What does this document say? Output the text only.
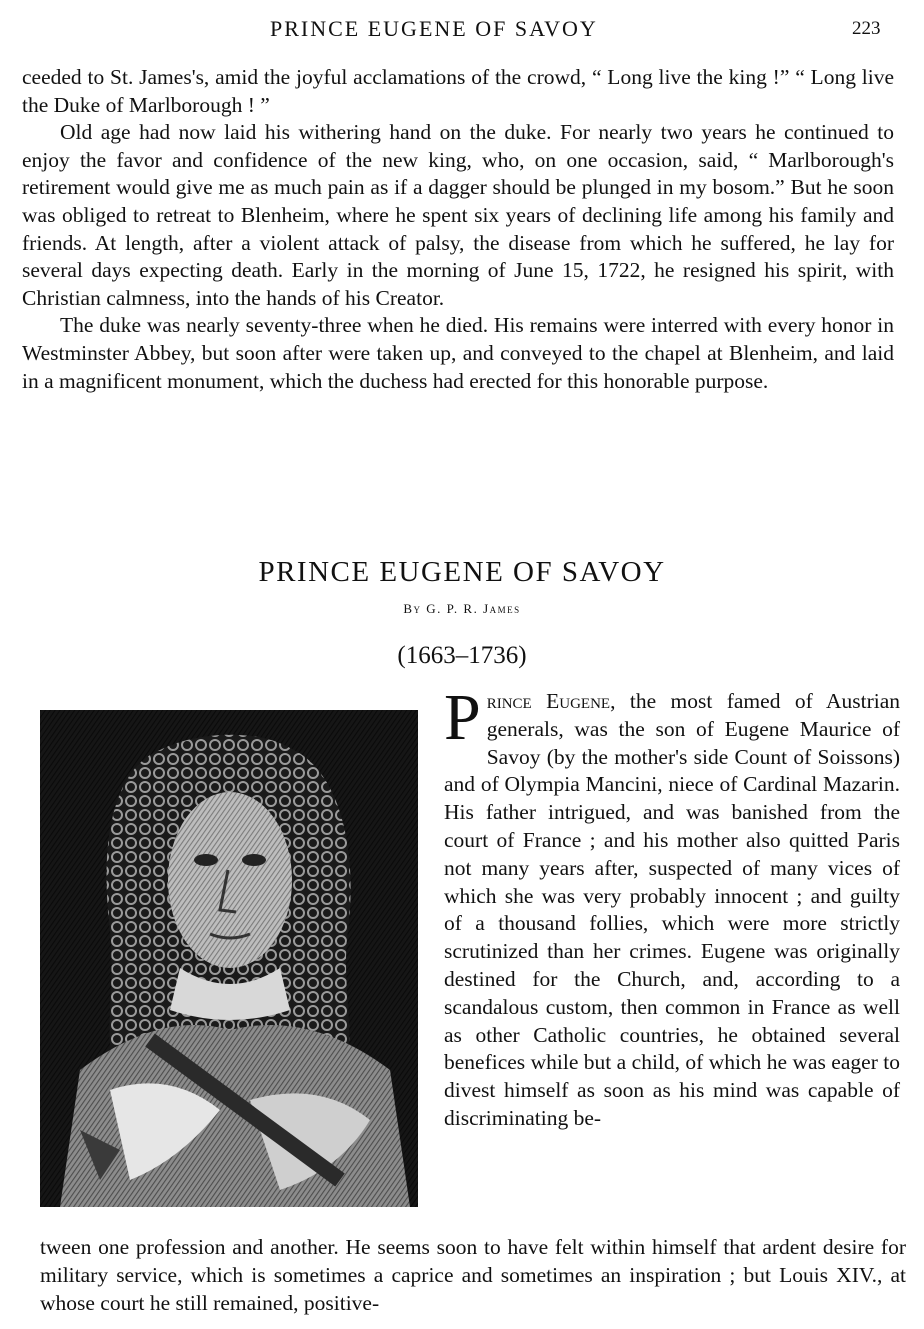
PRINCE EUGENE OF SAVOY	223

ceeded to St. James's, amid the joyful acclamations of the crowd, “ Long live the king !” “ Long live the Duke of Marlborough ! ”

Old age had now laid his withering hand on the duke. For nearly two years he continued to enjoy the favor and confidence of the new king, who, on one occasion, said, “ Marlborough's retirement would give me as much pain as if a dagger should be plunged in my bosom.” But he soon was obliged to retreat to Blenheim, where he spent six years of declining life among his family and friends. At length, after a violent attack of palsy, the disease from which he suffered, he lay for several days expecting death. Early in the morning of June 15, 1722, he resigned his spirit, with Christian calmness, into the hands of his Creator.

The duke was nearly seventy-three when he died. His remains were interred with every honor in Westminster Abbey, but soon after were taken up, and conveyed to the chapel at Blenheim, and laid in a magnificent monument, which the duchess had erected for this honorable purpose.

PRINCE EUGENE OF SAVOY
By G. P. R. James
(1663–1736)
P rince Eugene, the most famed of Austrian generals, was the son of Eugene Maurice of Savoy (by the mother's side Count of Soissons) and of Olympia Mancini, niece of Cardinal Mazarin. His father intrigued, and was banished from the court of France ; and his mother also quitted Paris not many years after, suspected of many vices of which she was very probably innocent ; and guilty of a thousand follies, which were more strictly scrutinized than her crimes. Eugene was originally destined for the Church, and, according to a scandalous custom, then common in France as well as other Catholic countries, he obtained several benefices while but a child, of which he was eager to divest himself as soon as his mind was capable of discriminating be-
tween one profession and another. He seems soon to have felt within himself that ardent desire for military service, which is sometimes a caprice and sometimes an inspiration ; but Louis XIV., at whose court he still remained, positive-
